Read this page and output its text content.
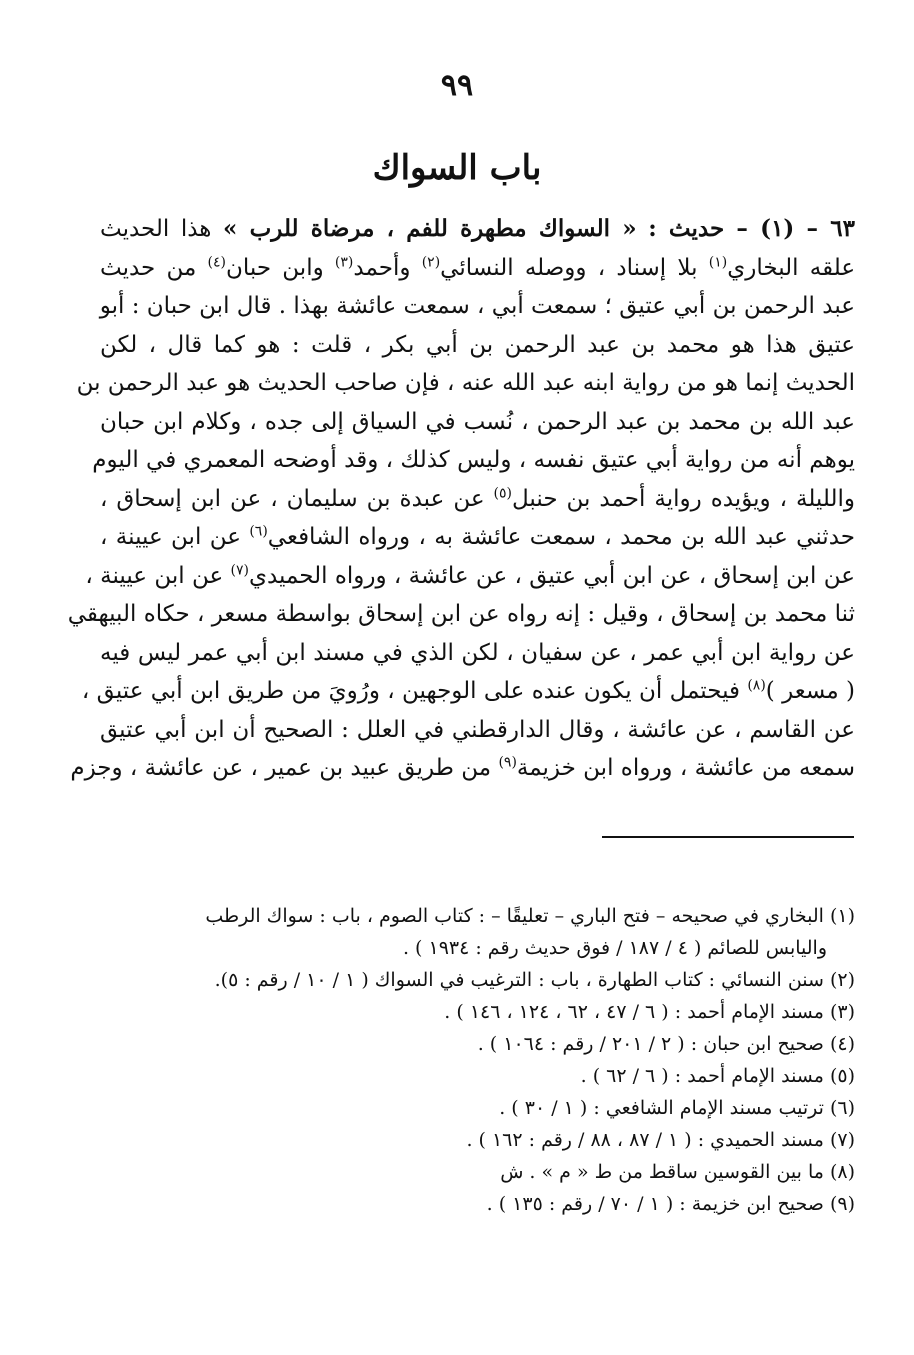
٩٩
باب السواك
٦٣ – (١) – حديث : « السواك مطهرة للفم ، مرضاة للرب » هذا الحديث
علقه البخاري$^{(١)}$ بلا إسناد ، ووصله النسائي$^{(٢)}$ وأحمد$^{(٣)}$ وابن حبان$^{(٤)}$ من حديث
عبد الرحمن بن أبي عتيق ؛ سمعت أبي ، سمعت عائشة بهذا . قال ابن حبان : أبو
عتيق هذا هو محمد بن عبد الرحمن بن أبي بكر ، قلت : هو كما قال ، لكن
الحديث إنما هو من رواية ابنه عبد الله عنه ، فإن صاحب الحديث هو عبد الرحمن بن
عبد الله بن محمد بن عبد الرحمن ، نُسب في السياق إلى جده ، وكلام ابن حبان
يوهم أنه من رواية أبي عتيق نفسه ، وليس كذلك ، وقد أوضحه المعمري في اليوم
والليلة ، ويؤيده رواية أحمد بن حنبل$^{(٥)}$ عن عبدة بن سليمان ، عن ابن إسحاق ،
حدثني عبد الله بن محمد ، سمعت عائشة به ، ورواه الشافعي$^{(٦)}$ عن ابن عيينة ،
عن ابن إسحاق ، عن ابن أبي عتيق ، عن عائشة ، ورواه الحميدي$^{(٧)}$ عن ابن عيينة ،
ثنا محمد بن إسحاق ، وقيل : إنه رواه عن ابن إسحاق بواسطة مسعر ، حكاه البيهقي
عن رواية ابن أبي عمر ، عن سفيان ، لكن الذي في مسند ابن أبي عمر ليس فيه
( مسعر )$^{(٨)}$ فيحتمل أن يكون عنده على الوجهين ، ورُويَ من طريق ابن أبي عتيق ،
عن القاسم ، عن عائشة ، وقال الدارقطني في العلل : الصحيح أن ابن أبي عتيق
سمعه من عائشة ، ورواه ابن خزيمة$^{(٩)}$ من طريق عبيد بن عمير ، عن عائشة ، وجزم
(١)البخاري في صحيحه – فتح الباري – تعليقًا – : كتاب الصوم ، باب : سواك الرطب
واليابس للصائم ( ٤ / ١٨٧ / فوق حديث رقم : ١٩٣٤ ) .
(٢)سنن النسائي : كتاب الطهارة ، باب : الترغيب في السواك ( ١ / ١٠ / رقم : ٥).
(٣)مسند الإمام أحمد : ( ٦ / ٤٧ ، ٦٢ ، ١٢٤ ، ١٤٦ ) .
(٤)صحيح ابن حبان : ( ٢ / ٢٠١ / رقم : ١٠٦٤ ) .
(٥)مسند الإمام أحمد : ( ٦ / ٦٢ ) .
(٦)ترتيب مسند الإمام الشافعي : ( ١ / ٣٠ ) .
(٧)مسند الحميدي : ( ١ / ٨٧ ، ٨٨ / رقم : ١٦٢ ) .
(٨)ما بين القوسين ساقط من ط « م » . ش
(٩)صحيح ابن خزيمة : ( ١ / ٧٠ / رقم : ١٣٥ ) .
